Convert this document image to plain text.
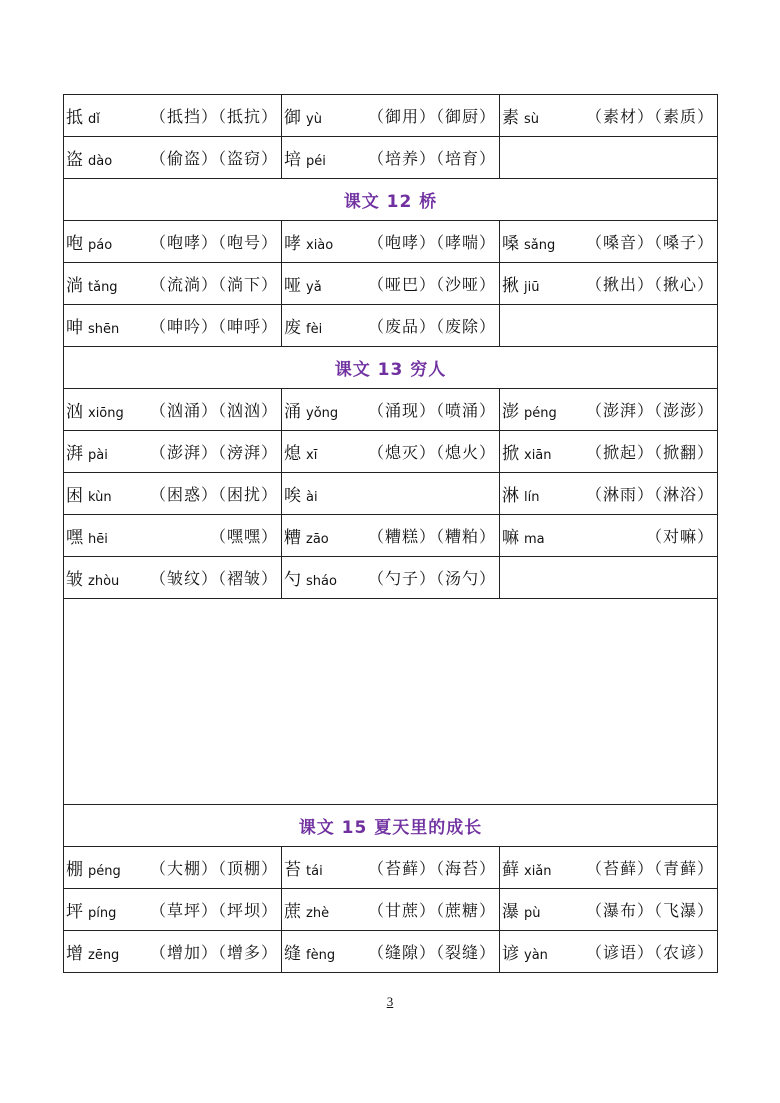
抵 dǐ （抵挡）（抵抗）	御 yù （御用）（御厨）	素 sù （素材）（素质）

盗 dào （偷盗）（盗窃）	培 péi （培养）（培育）	

课文 12 桥		

咆 páo （咆哮）（咆号）	哮 xiào （咆哮）（哮喘）	嗓 sǎng （嗓音）（嗓子）

淌 tǎng （流淌）（淌下）	哑 yǎ （哑巴）（沙哑）	揪 jiū （揪出）（揪心）

呻 shēn （呻吟）（呻呼）	废 fèi （废品）（废除）	

课文 13 穷人		

汹 xiōng （汹涌）（汹汹）	涌 yǒng （涌现）（喷涌）	澎 péng （澎湃）（澎澎）

湃 pài （澎湃）（滂湃）	熄 xī （熄灭）（熄火）	掀 xiān （掀起）（掀翻）

困 kùn （困惑）（困扰）	唉 ài	淋 lín （淋雨）（淋浴）

嘿 hēi （嘿嘿）	糟 zāo （糟糕）（糟粕）	嘛 ma （对嘛）

皱 zhòu （皱纹）（褶皱）	勺 sháo （勺子）（汤勺）	

课文 15 夏天里的成长		

棚 péng （大棚）（顶棚）	苔 tái （苔藓）（海苔）	藓 xiǎn （苔藓）（青藓）

坪 píng （草坪）（坪坝）	蔗 zhè （甘蔗）（蔗糖）	瀑 pù （瀑布）（飞瀑）

增 zēng （增加）（增多）	缝 fèng （缝隙）（裂缝）	谚 yàn （谚语）（农谚）
3
